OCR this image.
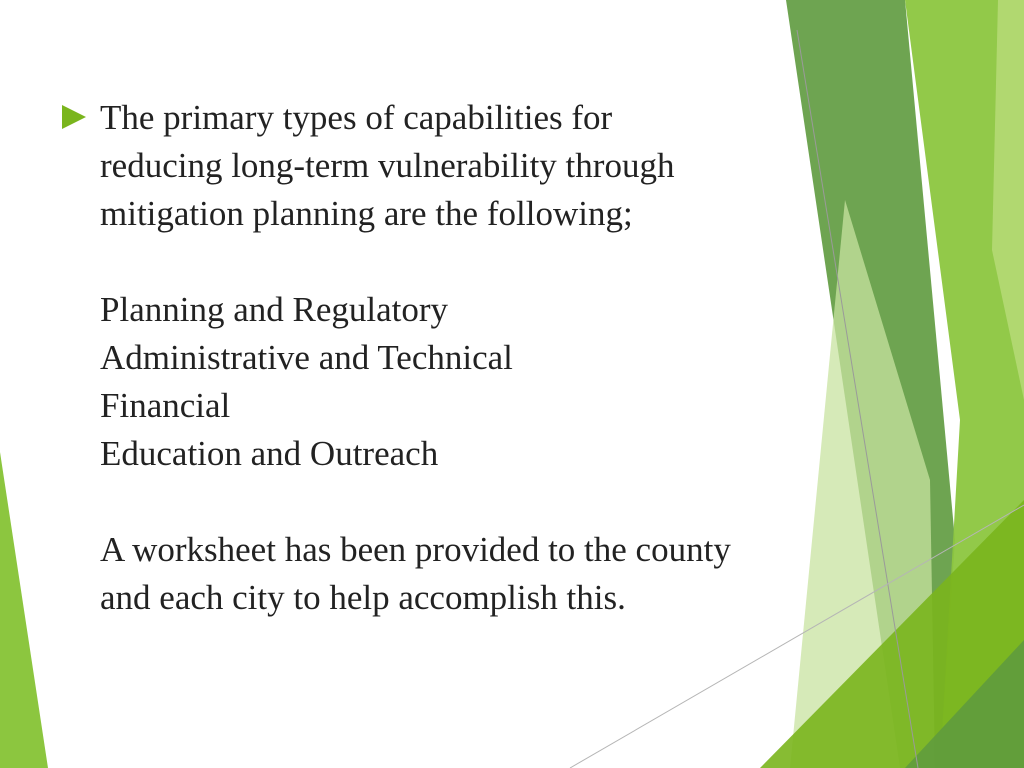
The primary types of capabilities for
reducing long-term vulnerability through
mitigation planning are the following;
Planning and Regulatory
Administrative and Technical
Financial
Education and Outreach
A worksheet has been provided to the county
and each city to help accomplish this.
